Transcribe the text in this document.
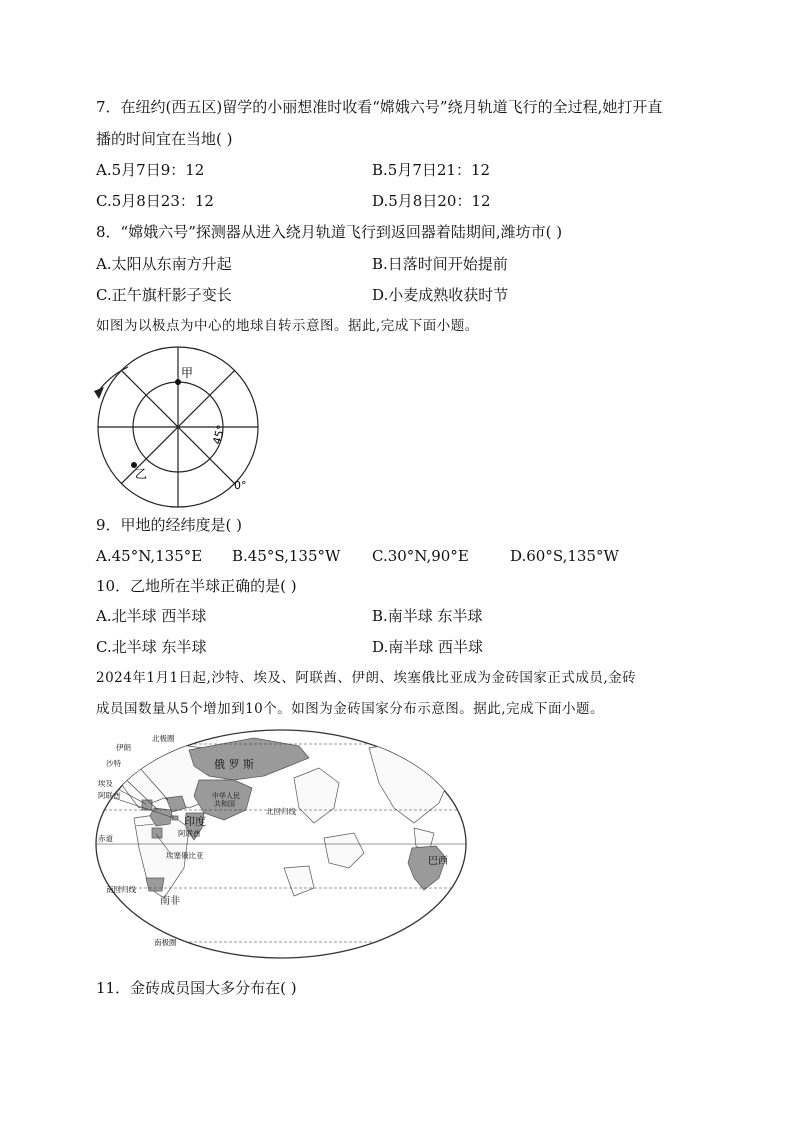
7．在纽约(西五区)留学的小丽想准时收看“嫦娥六号”绕月轨道飞行的全过程,她打开直
播的时间宜在当地( )
A.5月7日9：12	B.5月7日21：12
C.5月8日23：12	D.5月8日20：12
8．“嫦娥六号”探测器从进入绕月轨道飞行到返回器着陆期间,潍坊市( )
A.太阳从东南方升起	B.日落时间开始提前
C.正午旗杆影子变长	D.小麦成熟收获时节
如图为以极点为中心的地球自转示意图。据此,完成下面小题。
甲
乙
45°
0°
9．甲地的经纬度是( )
A.45°N,135°E B.45°S,135°W C.30°N,90°E	D.60°S,135°W
10．乙地所在半球正确的是( )
A.北半球 西半球	B.南半球 东半球
C.北半球 东半球	D.南半球 西半球
2024年1月1日起,沙特、埃及、阿联酋、伊朗、埃塞俄比亚成为金砖国家正式成员,金砖
成员国数量从5个增加到10个。如图为金砖国家分布示意图。据此,完成下面小题。
北极圈
北回归线
赤道
南回归线
南极圈
伊朗
沙特
埃及
阿联酋
阿联酋
埃塞俄比亚
俄 罗 斯
中华人民
共和国
印度
巴西
南非
11．金砖成员国大多分布在( )
